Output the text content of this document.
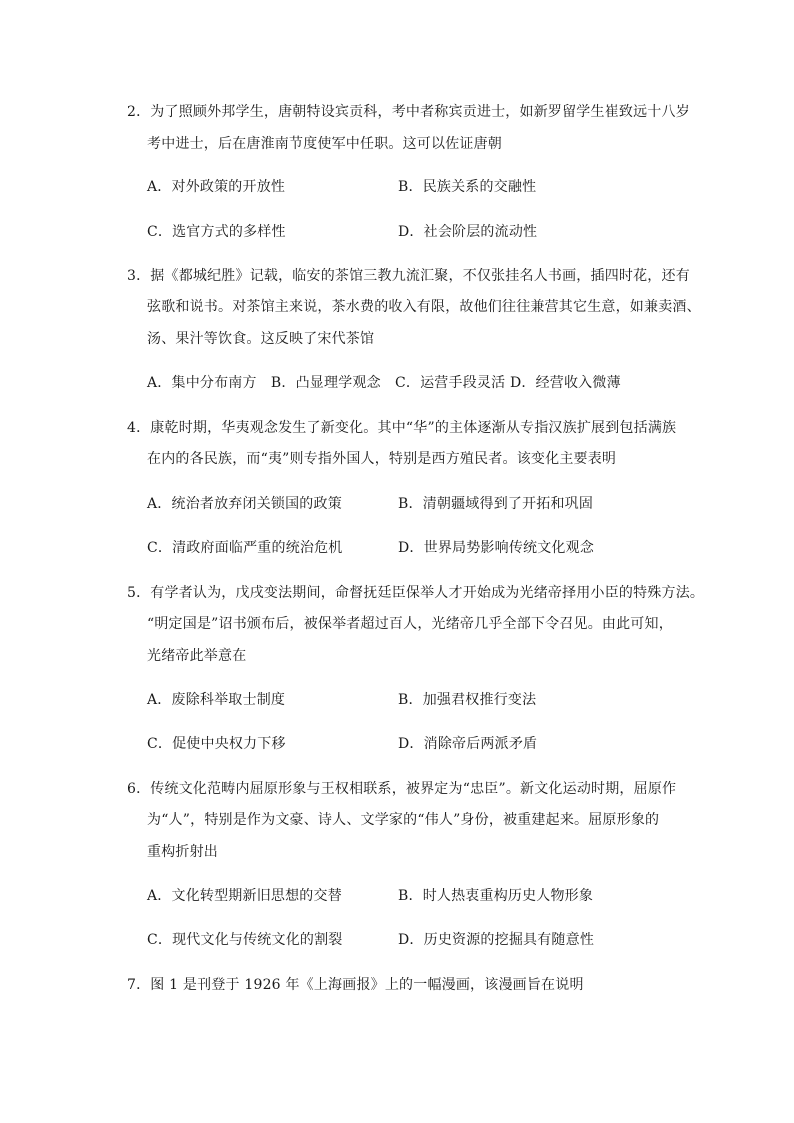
2．为了照顾外邦学生，唐朝特设宾贡科，考中者称宾贡进士，如新罗留学生崔致远十八岁
考中进士，后在唐淮南节度使军中任职。这可以佐证唐朝
A．对外政策的开放性	B．民族关系的交融性
C．选官方式的多样性	D．社会阶层的流动性
3．据《都城纪胜》记载，临安的茶馆三教九流汇聚，不仅张挂名人书画，插四时花，还有
弦歌和说书。对茶馆主来说，茶水费的收入有限，故他们往往兼营其它生意，如兼卖酒、
汤、果汁等饮食。这反映了宋代茶馆
A．集中分布南方　B．凸显理学观念　C．运营手段灵活 D．经营收入微薄
4．康乾时期，华夷观念发生了新变化。其中“华”的主体逐渐从专指汉族扩展到包括满族
在内的各民族，而“夷”则专指外国人，特别是西方殖民者。该变化主要表明
A．统治者放弃闭关锁国的政策	B．清朝疆域得到了开拓和巩固
C．清政府面临严重的统治危机	D．世界局势影响传统文化观念
5．有学者认为，戊戌变法期间，命督抚廷臣保举人才开始成为光绪帝择用小臣的特殊方法。
“明定国是”诏书颁布后，被保举者超过百人，光绪帝几乎全部下令召见。由此可知，
光绪帝此举意在
A．废除科举取士制度	B．加强君权推行变法
C．促使中央权力下移	D．消除帝后两派矛盾
6．传统文化范畴内屈原形象与王权相联系，被界定为“忠臣”。新文化运动时期，屈原作
为“人”，特别是作为文豪、诗人、文学家的“伟人”身份，被重建起来。屈原形象的
重构折射出
A．文化转型期新旧思想的交替	B．时人热衷重构历史人物形象
C．现代文化与传统文化的割裂	D．历史资源的挖掘具有随意性
7．图 1 是刊登于 1926 年《上海画报》上的一幅漫画，该漫画旨在说明
